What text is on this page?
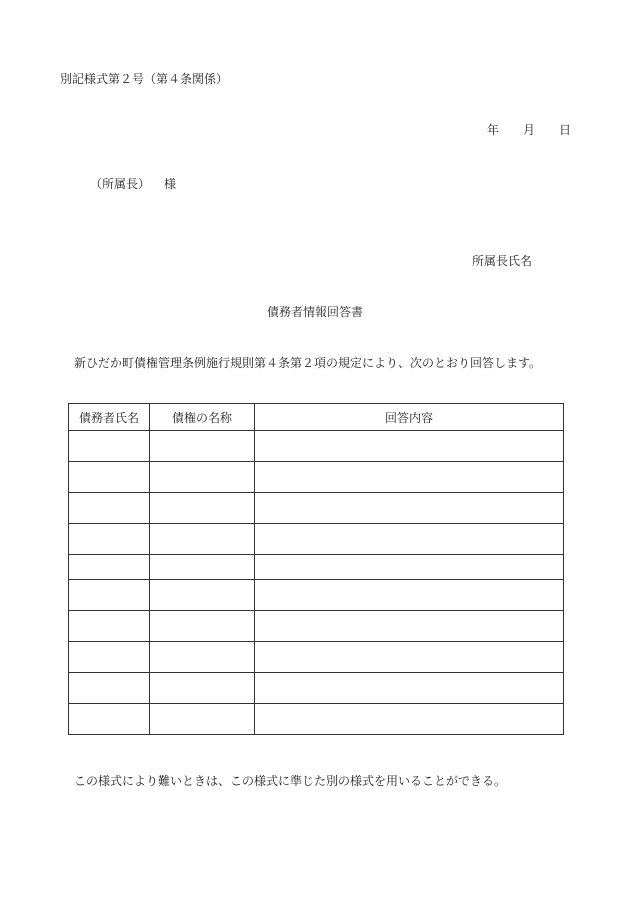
別記様式第２号（第４条関係）
年 月 日
（所属長） 様
所属長氏名
債務者情報回答書
新ひだか町債権管理条例施行規則第４条第２項の規定により、次のとおり回答します。
債務者氏名	債権の名称	回答内容

この様式により難いときは、この様式に準じた別の様式を用いることができる。
